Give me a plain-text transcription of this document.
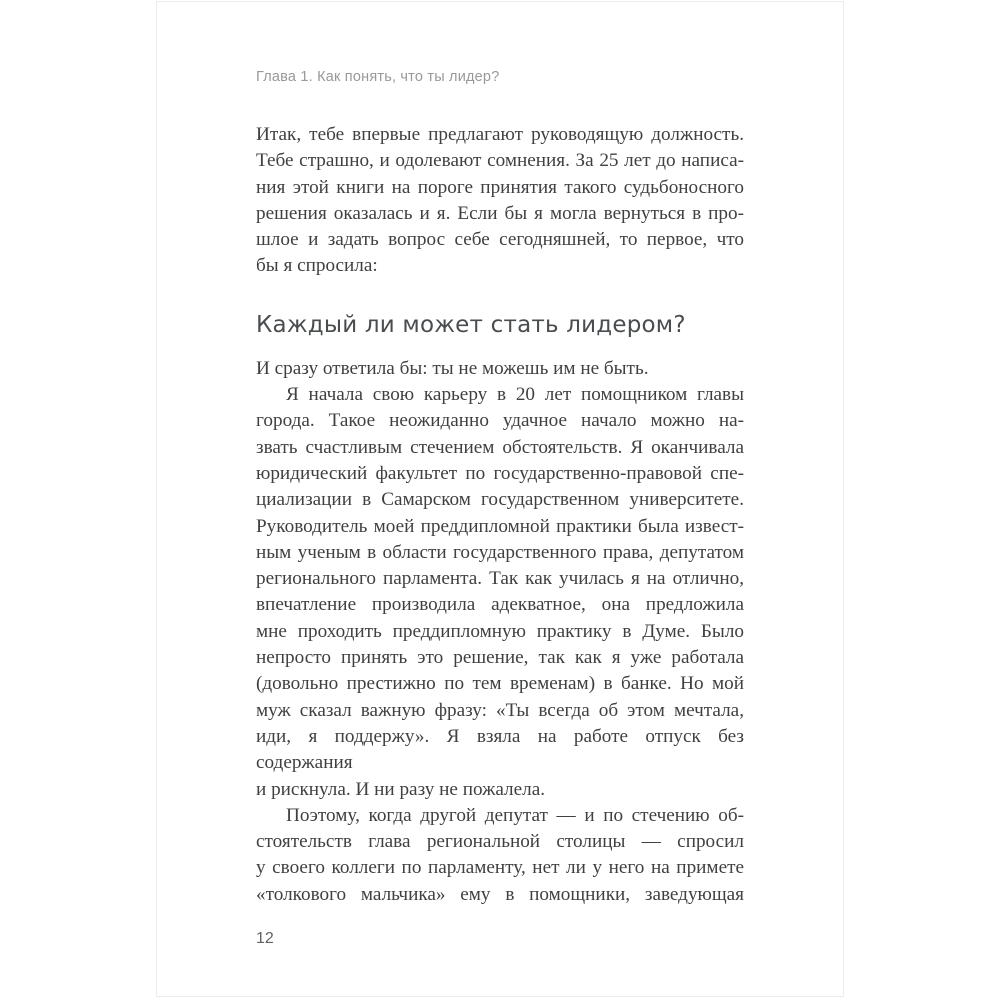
Глава 1. Как понять, что ты лидер?
Итак, тебе впервые предлагают руководящую должность.
Тебе страшно, и одолевают сомнения. За 25 лет до написа-
ния этой книги на пороге принятия такого судьбоносного
решения оказалась и я. Если бы я могла вернуться в про-
шлое и задать вопрос себе сегодняшней, то первое, что
бы я спросила:
Каждый ли может стать лидером?
И сразу ответила бы: ты не можешь им не быть.
Я начала свою карьеру в 20 лет помощником главы
города. Такое неожиданно удачное начало можно на-
звать счастливым стечением обстоятельств. Я оканчивала
юридический факультет по государственно-правовой спе-
циализации в Самарском государственном университете.
Руководитель моей преддипломной практики была извест-
ным ученым в области государственного права, депутатом
регионального парламента. Так как училась я на отлично,
впечатление производила адекватное, она предложила
мне проходить преддипломную практику в Думе. Было
непросто принять это решение, так как я уже работала
(довольно престижно по тем временам) в банке. Но мой
муж сказал важную фразу: «Ты всегда об этом мечтала,
иди, я поддержу». Я взяла на работе отпуск без содержания
и рискнула. И ни разу не пожалела.
Поэтому, когда другой депутат — и по стечению об-
стоятельств глава региональной столицы — спросил
у своего коллеги по парламенту, нет ли у него на примете
«толкового мальчика» ему в помощники, заведующая
12
